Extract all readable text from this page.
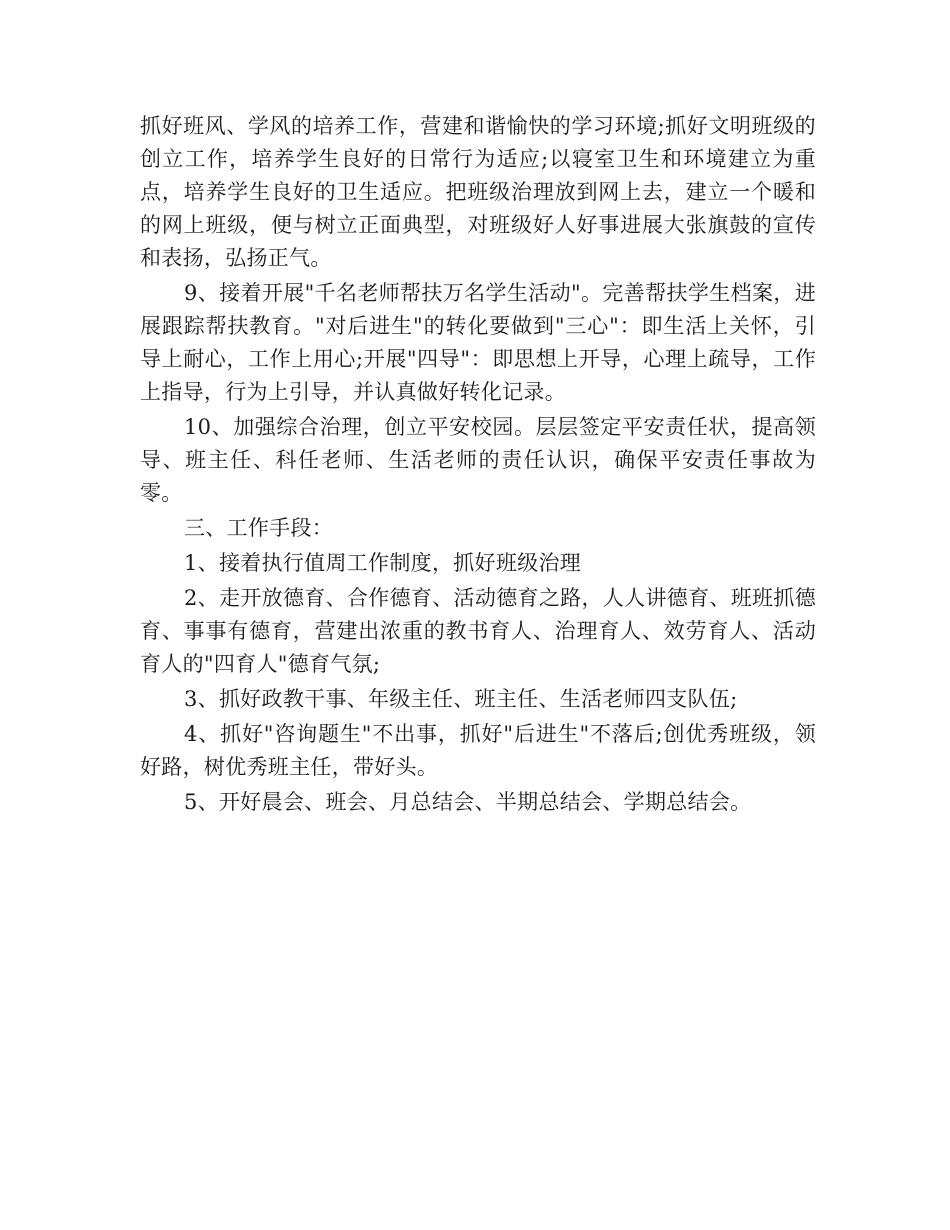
抓好班风、学风的培养工作，营建和谐愉快的学习环境;抓好文明班级的创立工作，培养学生良好的日常行为适应;以寝室卫生和环境建立为重点，培养学生良好的卫生适应。把班级治理放到网上去，建立一个暖和的网上班级，便与树立正面典型，对班级好人好事进展大张旗鼓的宣传和表扬，弘扬正气。

9、接着开展"千名老师帮扶万名学生活动"。完善帮扶学生档案，进展跟踪帮扶教育。"对后进生"的转化要做到"三心"：即生活上关怀，引导上耐心，工作上用心;开展"四导"：即思想上开导，心理上疏导，工作上指导，行为上引导，并认真做好转化记录。

10、加强综合治理，创立平安校园。层层签定平安责任状，提高领导、班主任、科任老师、生活老师的责任认识，确保平安责任事故为零。

三、工作手段：

1、接着执行值周工作制度，抓好班级治理

2、走开放德育、合作德育、活动德育之路，人人讲德育、班班抓德育、事事有德育，营建出浓重的教书育人、治理育人、效劳育人、活动育人的"四育人"德育气氛;

3、抓好政教干事、年级主任、班主任、生活老师四支队伍;

4、抓好"咨询题生"不出事，抓好"后进生"不落后;创优秀班级，领好路，树优秀班主任，带好头。

5、开好晨会、班会、月总结会、半期总结会、学期总结会。
